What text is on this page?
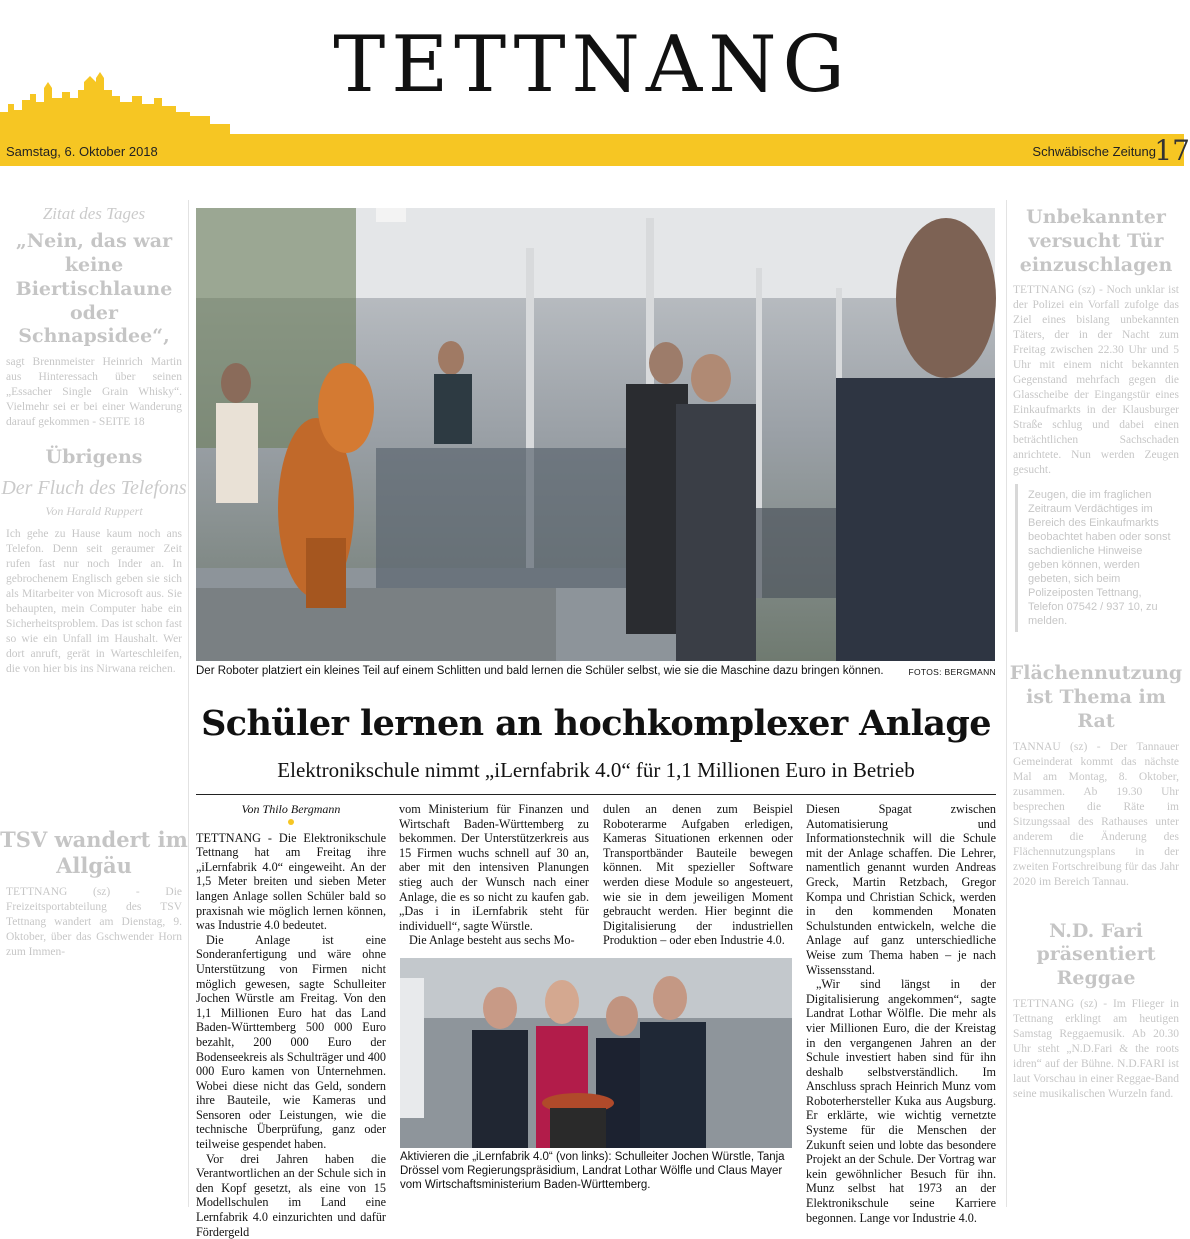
TETTNANG
Samstag, 6. Oktober 2018	Schwäbische Zeitung
17
Zitat des Tages
„Nein, das war keine Biertischlaune oder Schnapsidee“,

sagt Brennmeister Heinrich Martin aus Hinteressach über seinen „Essacher Single Grain Whisky“. Vielmehr sei er bei einer Wanderung darauf gekommen - SEITE 18

Übrigens
Der Fluch des Telefons
Von Harald Ruppert

Ich gehe zu Hause kaum noch ans Telefon. Denn seit geraumer Zeit rufen fast nur noch Inder an. In gebrochenem Englisch geben sie sich als Mitarbeiter von Microsoft aus. Sie behaupten, mein Computer habe ein Sicherheitsproblem. Das ist schon fast so wie ein Unfall im Haushalt. Wer dort anruft, gerät in Warteschleifen, die von hier bis ins Nirwana reichen.

TSV wandert im Allgäu

TETTNANG (sz) - Die Freizeitsportabteilung des TSV Tettnang wandert am Dienstag, 9. Oktober, über das Gschwender Horn zum Immen-

Unbekannter versucht Tür einzuschlagen

TETTNANG (sz) - Noch unklar ist der Polizei ein Vorfall zufolge das Ziel eines bislang unbekannten Täters, der in der Nacht zum Freitag zwischen 22.30 Uhr und 5 Uhr mit einem nicht bekannten Gegenstand mehrfach gegen die Glasscheibe der Eingangstür eines Einkaufmarkts in der Klausburger Straße schlug und dabei einen beträchtlichen Sachschaden anrichtete. Nun werden Zeugen gesucht.

Zeugen, die im fraglichen Zeitraum Verdächtiges im Bereich des Einkaufmarkts beobachtet haben oder sonst sachdienliche Hinweise geben können, werden gebeten, sich beim Polizeiposten Tettnang, Telefon 07542 / 937 10, zu melden.
Flächennutzung ist Thema im Rat

TANNAU (sz) - Der Tannauer Gemeinderat kommt das nächste Mal am Montag, 8. Oktober, zusammen. Ab 19.30 Uhr besprechen die Räte im Sitzungssaal des Rathauses unter anderem die Änderung des Flächennutzungsplans in der zweiten Fortschreibung für das Jahr 2020 im Bereich Tannau.

N.D. Fari präsentiert Reggae

TETTNANG (sz) - Im Flieger in Tettnang erklingt am heutigen Samstag Reggaemusik. Ab 20.30 Uhr steht „N.D.Fari & the roots idren“ auf der Bühne. N.D.FARI ist laut Vorschau in einer Reggae-Band seine musikalischen Wurzeln fand.

FOTOS: BERGMANN
Der Roboter platziert ein kleines Teil auf einem Schlitten und bald lernen die Schüler selbst, wie sie die Maschine dazu bringen können.
Schüler lernen an hochkomplexer Anlage
Elektronikschule nimmt „iLernfabrik 4.0“ für 1,1 Millionen Euro in Betrieb
Von Thilo Bergmann

TETTNANG - Die Elektronikschule Tettnang hat am Freitag ihre „iLernfabrik 4.0“ eingeweiht. An der 1,5 Meter breiten und sieben Meter langen Anlage sollen Schüler bald so praxisnah wie möglich lernen können, was Industrie 4.0 bedeutet.

Die Anlage ist eine Sonderanfertigung und wäre ohne Unterstützung von Firmen nicht möglich gewesen, sagte Schulleiter Jochen Würstle am Freitag. Von den 1,1 Millionen Euro hat das Land Baden-Württemberg 500 000 Euro bezahlt, 200 000 Euro der Bodenseekreis als Schulträger und 400 000 Euro kamen von Unternehmen. Wobei diese nicht das Geld, sondern ihre Bauteile, wie Kameras und Sensoren oder Leistungen, wie die technische Überprüfung, ganz oder teilweise gespendet haben.

Vor drei Jahren haben die Verantwortlichen an der Schule sich in den Kopf gesetzt, als eine von 15 Modellschulen im Land eine Lernfabrik 4.0 einzurichten und dafür Fördergeld

vom Ministerium für Finanzen und Wirtschaft Baden-Württemberg zu bekommen. Der Unterstützerkreis aus 15 Firmen wuchs schnell auf 30 an, aber mit den intensiven Planungen stieg auch der Wunsch nach einer Anlage, die es so nicht zu kaufen gab. „Das i in iLernfabrik steht für individuell“, sagte Würstle.

Die Anlage besteht aus sechs Mo-

dulen an denen zum Beispiel Roboterarme Aufgaben erledigen, Kameras Situationen erkennen oder Transportbänder Bauteile bewegen können. Mit spezieller Software werden diese Module so angesteuert, wie sie in dem jeweiligen Moment gebraucht werden. Hier beginnt die Digitalisierung der industriellen Produktion – oder eben Industrie 4.0.

Diesen Spagat zwischen Automatisierung und Informationstechnik will die Schule mit der Anlage schaffen. Die Lehrer, namentlich genannt wurden Andreas Greck, Martin Retzbach, Gregor Kompa und Christian Schick, werden in den kommenden Monaten Schulstunden entwickeln, welche die Anlage auf ganz unterschiedliche Weise zum Thema haben – je nach Wissensstand.

„Wir sind längst in der Digitalisierung angekommen“, sagte Landrat Lothar Wölfle. Die mehr als vier Millionen Euro, die der Kreistag in den vergangenen Jahren an der Schule investiert haben sind für ihn deshalb selbstverständlich. Im Anschluss sprach Heinrich Munz vom Roboterhersteller Kuka aus Augsburg. Er erklärte, wie wichtig vernetzte Systeme für die Menschen der Zukunft seien und lobte das besondere Projekt an der Schule. Der Vortrag war kein gewöhnlicher Besuch für ihn. Munz selbst hat 1973 an der Elektronikschule seine Karriere begonnen. Lange vor Industrie 4.0.

Aktivieren die „iLernfabrik 4.0“ (von links): Schulleiter Jochen Würstle, Tanja Drössel vom Regierungspräsidium, Landrat Lothar Wölfle und Claus Mayer vom Wirtschaftsministerium Baden-Württemberg.
